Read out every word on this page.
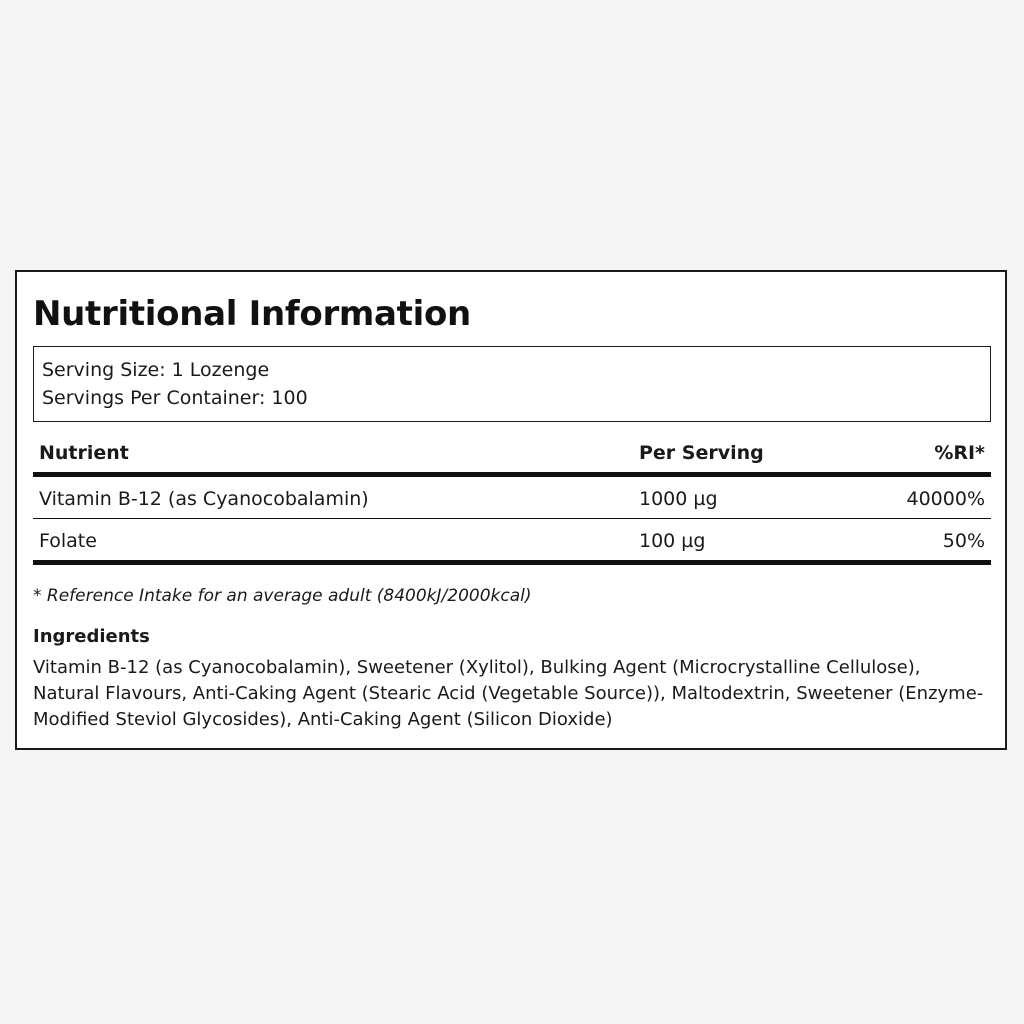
Nutritional Information
Serving Size: 1 Lozenge
Servings Per Container: 100
Nutrient	Per Serving	%RI*
Vitamin B-12 (as Cyanocobalamin)	1000 µg	40000%
Folate	100 µg	50%
* Reference Intake for an average adult (8400kJ/2000kcal)
Ingredients
Vitamin B-12 (as Cyanocobalamin), Sweetener (Xylitol), Bulking Agent (Microcrystalline Cellulose), Natural Flavours, Anti-Caking Agent (Stearic Acid (Vegetable Source)), Maltodextrin, Sweetener (Enzyme-Modified Steviol Glycosides), Anti-Caking Agent (Silicon Dioxide)
